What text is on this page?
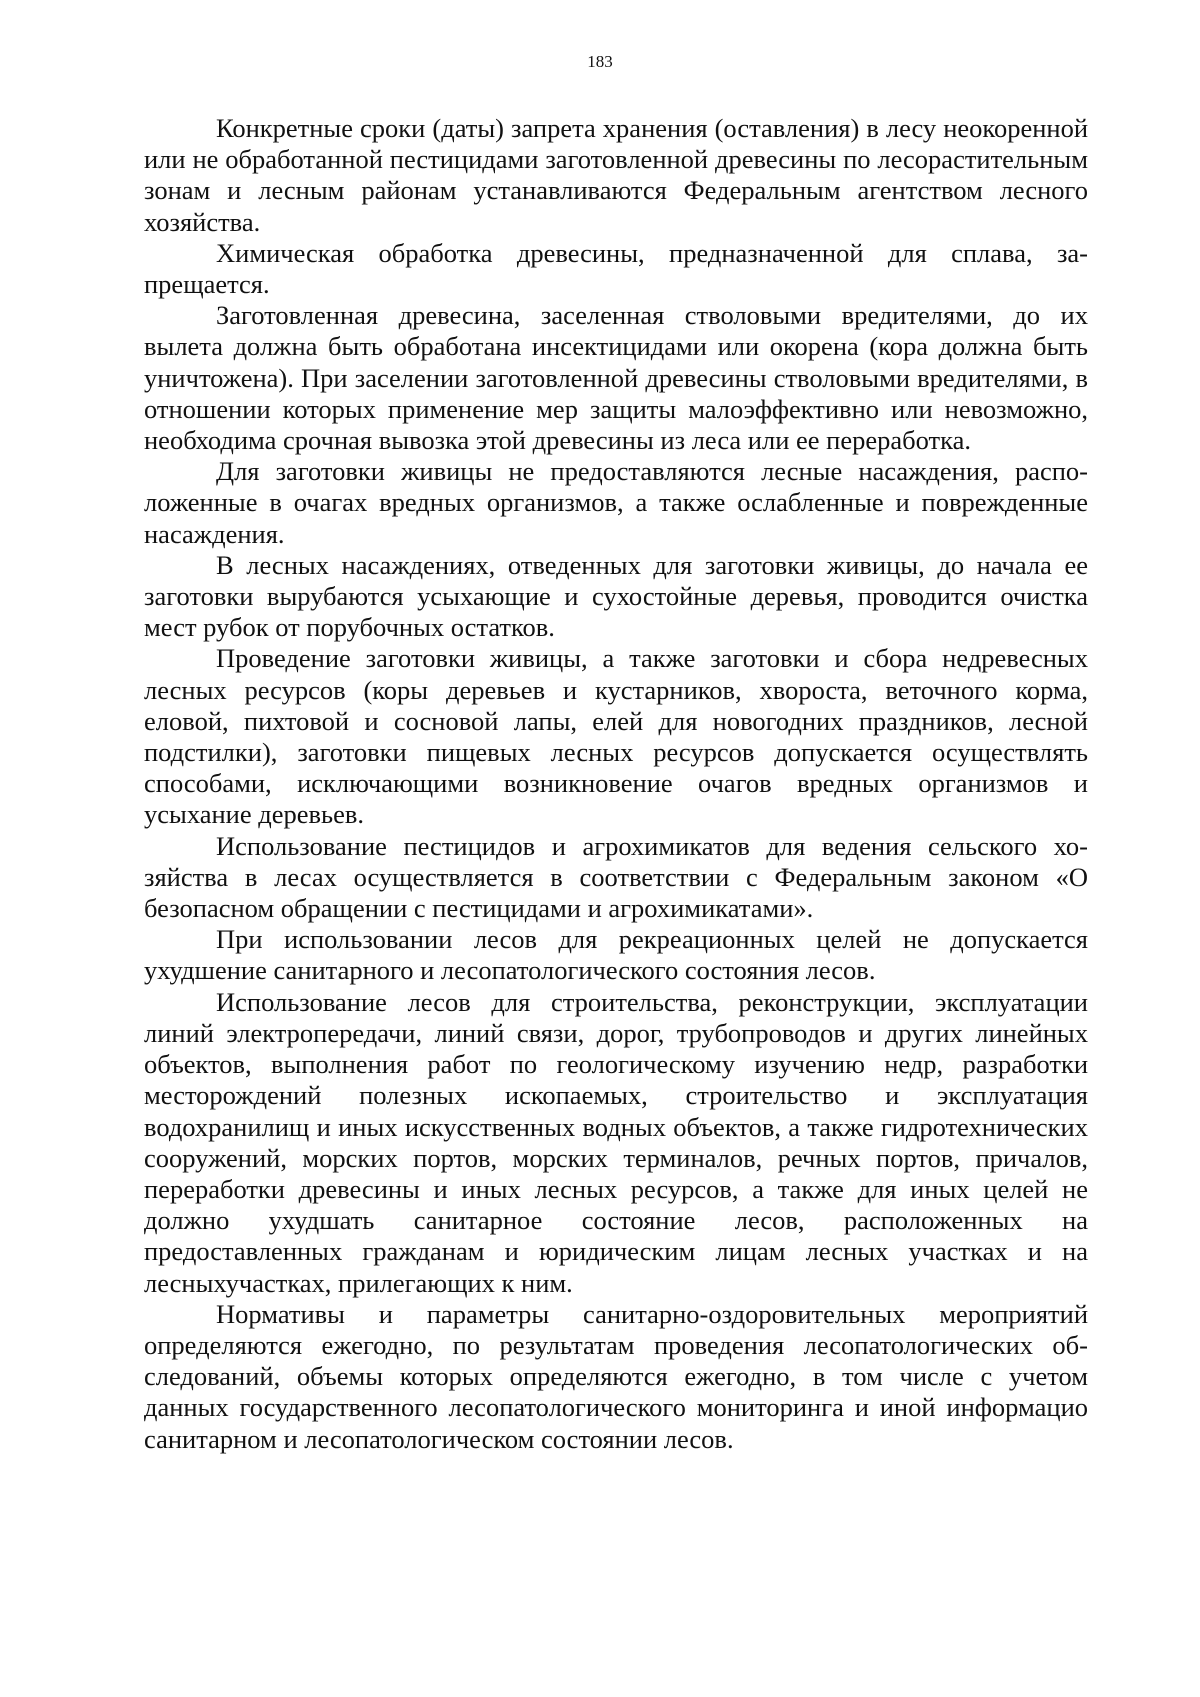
183

Конкретные сроки (даты) запрета хранения (оставления) в лесу неокоренной или не обработанной пестицидами заготовленной древесины по лесорастительным зонам и лесным районам устанавливаются Федеральным агентством лесного хозяйства.

Химическая обработка древесины, предназначенной для сплава, запрещается.

Заготовленная древесина, заселенная стволовыми вредителями, до их вылета должна быть обработана инсектицидами или окорена (кора должна быть уничтожена). При заселении заготовленной древесины стволовыми вредителями, в отношении которых применение мер защиты малоэффективно или невозможно, необходима срочная вывозка этой древесины из леса или ее переработка.

Для заготовки живицы не предоставляются лесные насаждения, расположенные в очагах вредных организмов, а также ослабленные и поврежденные насаждения.

В лесных насаждениях, отведенных для заготовки живицы, до начала ее заготовки вырубаются усыхающие и сухостойные деревья, проводится очистка мест рубок от порубочных остатков.

Проведение заготовки живицы, а также заготовки и сбора недревесных лесных ресурсов (коры деревьев и кустарников, хвороста, веточного корма, еловой, пихтовой и сосновой лапы, елей для новогодних праздников, лесной подстилки), заготовки пищевых лесных ресурсов допускается осуществлять способами, исключающими возникновение очагов вредных организмов и усыхание деревьев.

Использование пестицидов и агрохимикатов для ведения сельского хозяйства в лесах осуществляется в соответствии с Федеральным законом «О безопасном обращении с пестицидами и агрохимикатами».

При использовании лесов для рекреационных целей не допускается ухудшение санитарного и лесопатологического состояния лесов.

Использование лесов для строительства, реконструкции, эксплуатации линий электропередачи, линий связи, дорог, трубопроводов и других линейных объектов, выполнения работ по геологическому изучению недр, разработки месторождений полезных ископаемых, строительство и эксплуатация водохранилищ и иных искусственных водных объектов, а также гидротехнических сооружений, морских портов, морских терминалов, речных портов, причалов, переработки древесины и иных лесных ресурсов, а также для иных целей не должно ухудшать санитарное состояние лесов, расположенных на предоставленных гражданам и юридическим лицам лесных участках и на лесныхучастках, прилегающих к ним.

Нормативы и параметры санитарно-оздоровительных мероприятий определяются ежегодно, по результатам проведения лесопатологических обследований, объемы которых определяются ежегодно, в том числе с учетом данных государственного лесопатологического мониторинга и иной информацио санитарном и лесопатологическом состоянии лесов.
